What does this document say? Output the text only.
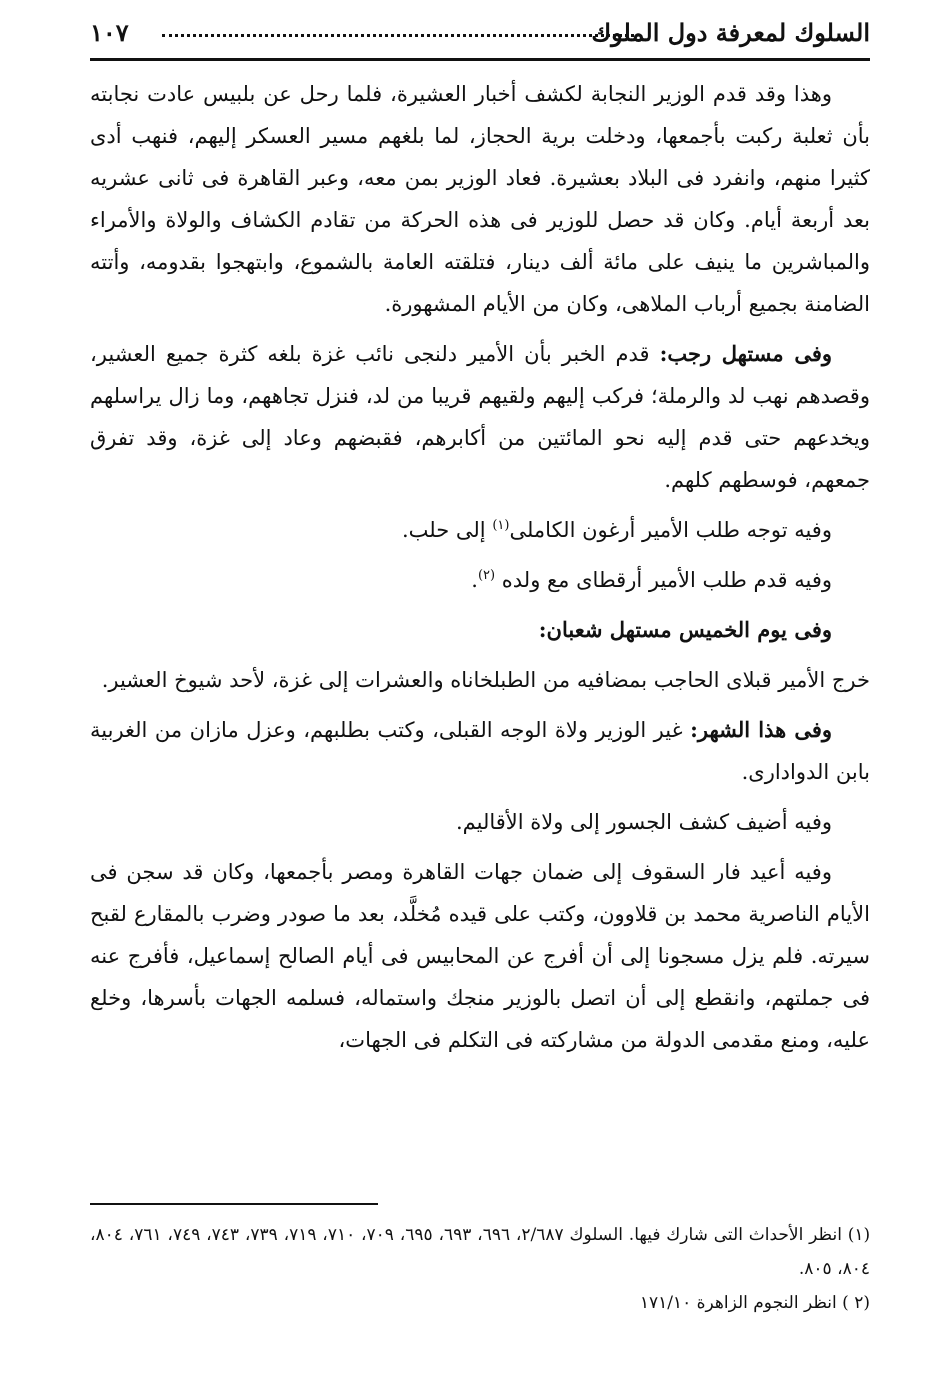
السلوك لمعرفة دول الملوك
١٠٧

وهذا وقد قدم الوزير النجابة لكشف أخبار العشيرة، فلما رحل عن بلبيس عادت نجابته بأن ثعلبة ركبت بأجمعها، ودخلت برية الحجاز، لما بلغهم مسير العسكر إليهم، فنهب أدى كثيرا منهم، وانفرد فى البلاد بعشيرة. فعاد الوزير بمن معه، وعبر القاهرة فى ثانى عشريه بعد أربعة أيام. وكان قد حصل للوزير فى هذه الحركة من تقادم الكشاف والولاة والأمراء والمباشرين ما ينيف على مائة ألف دينار، فتلقته العامة بالشموع، وابتهجوا بقدومه، وأتته الضامنة بجميع أرباب الملاهى، وكان من الأيام المشهورة.

وفى مستهل رجب: قدم الخبر بأن الأمير دلنجى نائب غزة بلغه كثرة جميع العشير، وقصدهم نهب لد والرملة؛ فركب إليهم ولقيهم قريبا من لد، فنزل تجاههم، وما زال يراسلهم ويخدعهم حتى قدم إليه نحو المائتين من أكابرهم، فقبضهم وعاد إلى غزة، وقد تفرق جمعهم، فوسطهم كلهم.

وفيه توجه طلب الأمير أرغون الكاملى$^{(١)}$ إلى حلب.

وفيه قدم طلب الأمير أرقطاى مع ولده $^{(٢)}$.

وفى يوم الخميس مستهل شعبان:

خرج الأمير قبلاى الحاجب بمضافيه من الطبلخاناه والعشرات إلى غزة، لأحد شيوخ العشير.

وفى هذا الشهر: غير الوزير ولاة الوجه القبلى، وكتب بطلبهم، وعزل مازان من الغربية بابن الدوادارى.

وفيه أضيف كشف الجسور إلى ولاة الأقاليم.

وفيه أعيد فار السقوف إلى ضمان جهات القاهرة ومصر بأجمعها، وكان قد سجن فى الأيام الناصرية محمد بن قلاوون، وكتب على قيده مُخلَّد، بعد ما صودر وضرب بالمقارع لقبح سيرته. فلم يزل مسجونا إلى أن أفرج عن المحابيس فى أيام الصالح إسماعيل، فأفرج عنه فى جملتهم، وانقطع إلى أن اتصل بالوزير منجك واستماله، فسلمه الجهات بأسرها، وخلع عليه، ومنع مقدمى الدولة من مشاركته فى التكلم فى الجهات،

(١) انظر الأحداث التى شارك فيها. السلوك ٢/٦٨٧، ٦٩٦، ٦٩٣، ٦٩٥، ٧٠٩، ٧١٠، ٧١٩، ٧٣٩، ٧٤٣، ٧٤٩، ٧٦١، ٨٠٤، ٨٠٤، ٨٠٥.

(٢ ) انظر النجوم الزاهرة ١٧١/١٠
